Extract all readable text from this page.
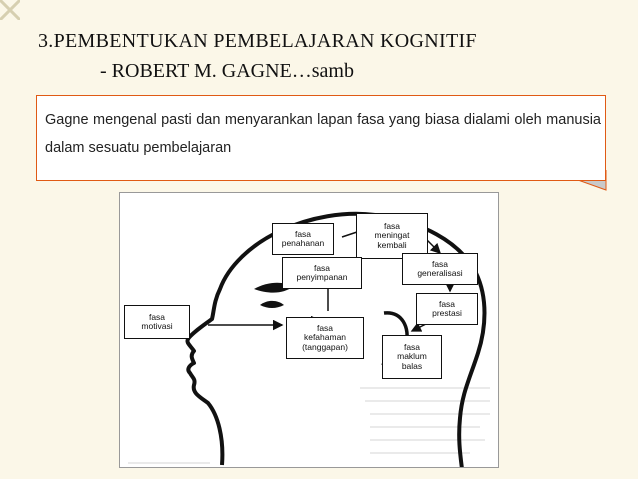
3.PEMBENTUKAN PEMBELAJARAN KOGNITIF
- ROBERT M. GAGNE…samb
Gagne mengenal pasti dan menyarankan lapan fasa yang biasa dialami oleh manusia dalam sesuatu pembelajaran
fasa
motivasi
fasa
penahanan
fasa
meningat
kembali
fasa
generalisasi
fasa
penyimpanan
fasa
prestasi
fasa
kefahaman
(tanggapan)	fasa
maklum
balas
